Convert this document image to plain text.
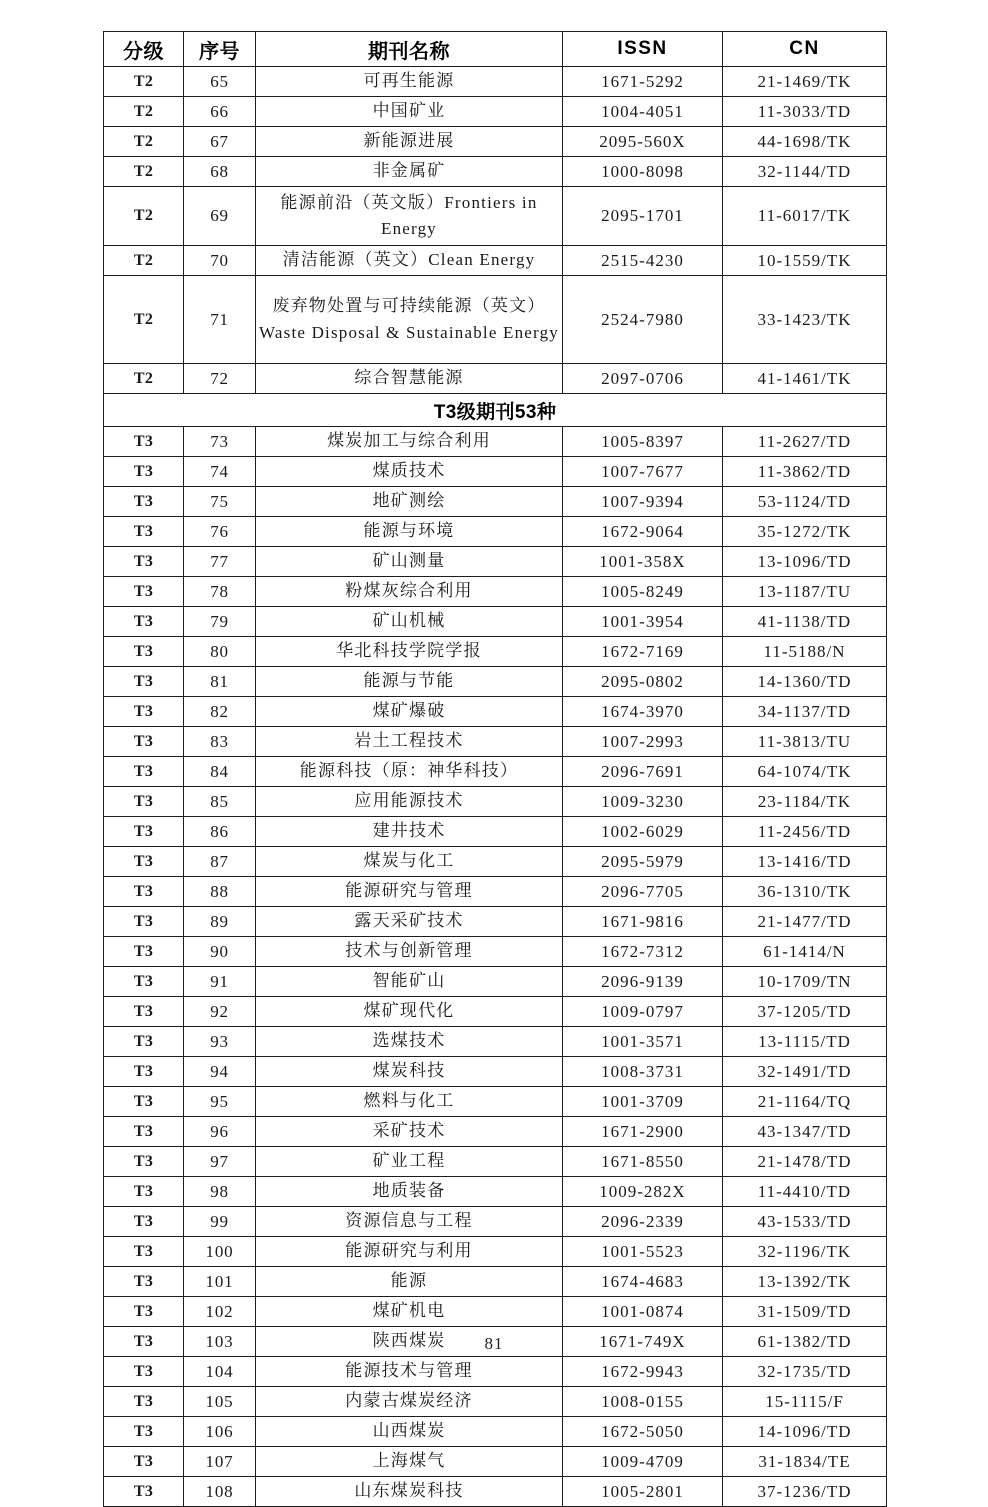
分级	序号	期刊名称	ISSN	CN
T2	65	可再生能源	1671-5292	21-1469/TK
T2	66	中国矿业	1004-4051	11-3033/TD
T2	67	新能源进展	2095-560X	44-1698/TK
T2	68	非金属矿	1000-8098	32-1144/TD
T2	69	能源前沿（英文版）Frontiers in Energy	2095-1701	11-6017/TK
T2	70	清洁能源（英文）Clean Energy	2515-4230	10-1559/TK
T2	71	废弃物处置与可持续能源（英文）Waste Disposal & Sustainable Energy	2524-7980	33-1423/TK
T2	72	综合智慧能源	2097-0706	41-1461/TK
T3级期刊53种				
T3	73	煤炭加工与综合利用	1005-8397	11-2627/TD
T3	74	煤质技术	1007-7677	11-3862/TD
T3	75	地矿测绘	1007-9394	53-1124/TD
T3	76	能源与环境	1672-9064	35-1272/TK
T3	77	矿山测量	1001-358X	13-1096/TD
T3	78	粉煤灰综合利用	1005-8249	13-1187/TU
T3	79	矿山机械	1001-3954	41-1138/TD
T3	80	华北科技学院学报	1672-7169	11-5188/N
T3	81	能源与节能	2095-0802	14-1360/TD
T3	82	煤矿爆破	1674-3970	34-1137/TD
T3	83	岩土工程技术	1007-2993	11-3813/TU
T3	84	能源科技（原：神华科技）	2096-7691	64-1074/TK
T3	85	应用能源技术	1009-3230	23-1184/TK
T3	86	建井技术	1002-6029	11-2456/TD
T3	87	煤炭与化工	2095-5979	13-1416/TD
T3	88	能源研究与管理	2096-7705	36-1310/TK
T3	89	露天采矿技术	1671-9816	21-1477/TD
T3	90	技术与创新管理	1672-7312	61-1414/N
T3	91	智能矿山	2096-9139	10-1709/TN
T3	92	煤矿现代化	1009-0797	37-1205/TD
T3	93	选煤技术	1001-3571	13-1115/TD
T3	94	煤炭科技	1008-3731	32-1491/TD
T3	95	燃料与化工	1001-3709	21-1164/TQ
T3	96	采矿技术	1671-2900	43-1347/TD
T3	97	矿业工程	1671-8550	21-1478/TD
T3	98	地质装备	1009-282X	11-4410/TD
T3	99	资源信息与工程	2096-2339	43-1533/TD
T3	100	能源研究与利用	1001-5523	32-1196/TK
T3	101	能源	1674-4683	13-1392/TK
T3	102	煤矿机电	1001-0874	31-1509/TD
T3	103	陕西煤炭	1671-749X	61-1382/TD
T3	104	能源技术与管理	1672-9943	32-1735/TD
T3	105	内蒙古煤炭经济	1008-0155	15-1115/F
T3	106	山西煤炭	1672-5050	14-1096/TD
T3	107	上海煤气	1009-4709	31-1834/TE
T3	108	山东煤炭科技	1005-2801	37-1236/TD
81
